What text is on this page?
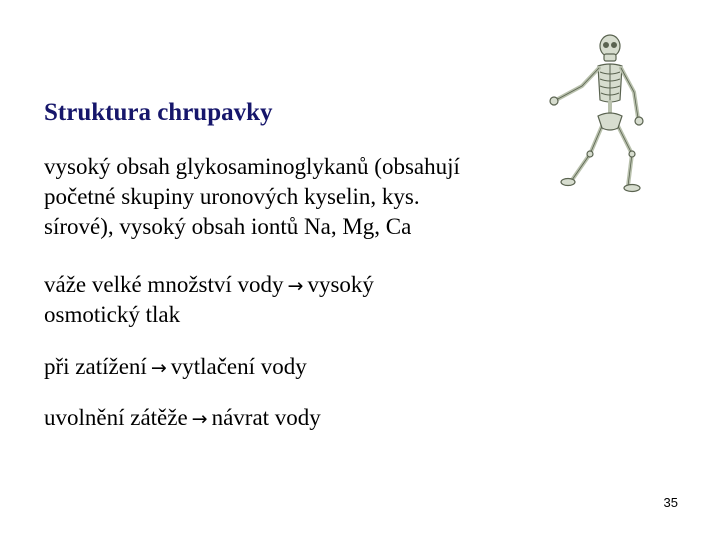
Struktura chrupavky

vysoký obsah glykosaminoglykanů (obsahují
početné skupiny uronových kyselin, kys.
sírové), vysoký obsah iontů Na, Mg, Ca

váže velké množství vody → vysoký
osmotický tlak

při zatížení → vytlačení vody

uvolnění zátěže → návrat vody

35
